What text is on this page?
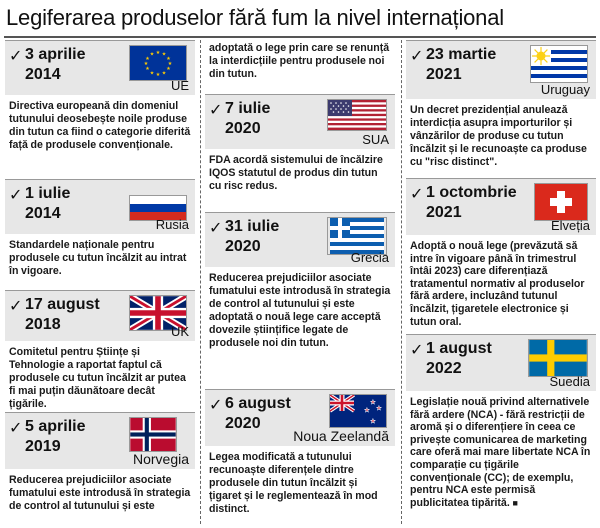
Legiferarea produselor fără fum la nivel internațional
✓ 3 aprilie
2014
★ ★
★
★
★
★
★
★
★
★
★
★
UE
Directiva europeană din domeniul tutunului deosebește noile produse din tutun ca fiind o categorie diferită față de produsele convenționale.
✓ 1 iulie
2014
Rusia
Standardele naționale pentru produsele cu tutun încălzit au intrat în vigoare.
✓ 17 august
2018	UK
Comitetul pentru Științe și Tehnologie a raportat faptul că produsele cu tutun încălzit ar putea fi mai puțin dăunătoare decât țigările.
✓ 5 aprilie
2019
Norvegia
Reducerea prejudiciilor asociate fumatului este introdusă în strategia de control al tutunului și este
adoptată o lege prin care se renunță la interdicțiile pentru produsele noi din tutun.
✓ 7 iulie
2020
SUA
FDA acordă sistemului de încălzire IQOS statutul de produs din tutun cu risc redus.
✓ 31 iulie
2020
Grecia
Reducerea prejudiciilor asociate fumatului este introdusă în strategia de control al tutunului și este adoptată o nouă lege care acceptă dovezile științifice legate de produsele noi din tutun.
✓ 6 august
2020
★
★ ★
★
Noua Zeelandă
Legea modificată a tutunului recunoaște diferențele dintre produsele din tutun încălzit și țigaret și le reglementează în mod distinct.
✓ 23 martie
2021
Uruguay
Un decret prezidențial anulează interdicția asupra importurilor și vânzărilor de produse cu tutun încălzit și le recunoaște ca produse cu "risc distinct".
✓ 1 octombrie
2021
Elveția
Adoptă o nouă lege (prevăzută să intre în vigoare până în trimestrul întâi 2023) care diferențiază tratamentul normativ al produselor fără ardere, incluzând tutunul încălzit, țigaretele electronice și tutun oral.
✓ 1 august
2022
Suedia
Legislație nouă privind alternativele fără ardere (NCA) - fără restricții de aromă și o diferențiere în ceea ce privește comunicarea de marketing care oferă mai mare libertate NCA în comparație cu țigările convenționale (CC); de exemplu, pentru NCA este permisă publicitatea tipărită. ■
